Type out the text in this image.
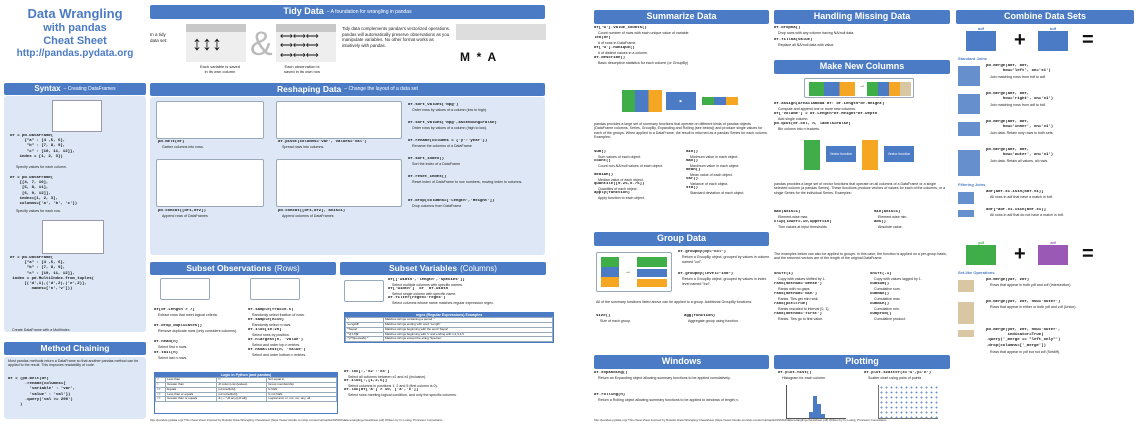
Data Wrangling
with pandas
Cheat Sheet
http://pandas.pydata.org
Tidy Data – A foundation for wrangling in pandas
In a tidy
data set:	↕↕↕
Each variable is saved
in its own column
& ⟷⟷⟷
⟷⟷⟷
⟷⟷⟷
Each observation is
saved in its own row
Tidy data complements pandas's vectorized operations. pandas will automatically preserve observations as you manipulate variables. No other format works as intuitively with pandas.
M  *  A
Syntax – Creating DataFrames
df = pd.DataFrame(
{"a" : [4 ,5, 6],
"b" : [7, 8, 9],
"c" : [10, 11, 12]},
index = [1, 2, 3])
Specify values for each column.
df = pd.DataFrame(
[[4, 7, 10],
[5, 8, 11],
[6, 9, 12]],
index=[1, 2, 3],
columns=['a', 'b', 'c'])
Specify values for each row.
df = pd.DataFrame(
{"a" : [4 ,5, 6],
"b" : [7, 8, 9],
"c" : [10, 11, 12]},
index = pd.MultiIndex.from_tuples(
[('d',1),('d',2),('e',2)],
names=['n','v']))
Create DataFrame with a MultiIndex
Method Chaining
Most pandas methods return a DataFrame so that another pandas method can be applied to the result. This improves readability of code.
df = (pd.melt(df)
.rename(columns={
'variable' : 'var',
'value' : 'val'})
.query('val >= 200')
)
Reshaping Data – Change the layout of a data set
pd.melt(df)
Gather columns into rows.
df.pivot(columns='var', values='val')
Spread rows into columns.
pd.concat([df1,df2])
Append rows of DataFrames
pd.concat([df1,df2], axis=1)
Append columns of DataFrames
df.sort_values('mpg')
Order rows by values of a column (low to high).
df.sort_values('mpg',ascending=False)
Order rows by values of a column (high to low).
df.rename(columns = {'y':'year'})
Rename the columns of a DataFrame
df.sort_index()
Sort the index of a DataFrame
df.reset_index()
Reset index of DataFrame to row numbers, moving index to columns.
df.drop(columns=['Length','Height'])
Drop columns from DataFrame
Subset Observations (Rows)
df[df.Length > 7]
Extract rows that meet logical criteria.
df.drop_duplicates()
Remove duplicate rows (only considers columns).
df.head(n)
Select first n rows.
df.tail(n)
Select last n rows.
df.sample(frac=0.5)
Randomly select fraction of rows.
df.sample(n=10)
Randomly select n rows.
df.iloc[10:20]
Select rows by position.
df.nlargest(n, 'value')
Select and order top n entries.
df.nsmallest(n, 'value')
Select and order bottom n entries.
Logic in Python (and pandas)
<	Less than	!=	Not equal to
>	Greater than	df.column.isin(values)	Group membership
==	Equals	pd.isnull(obj)	Is NaN
<=	Less than or equals	pd.notnull(obj)	Is not NaN
>=	Greater than or equals	&,|,~,^,df.any(),df.all()	Logical and, or, not, xor, any, all
Subset Variables (Columns)
df[['width','length','species']]
Select multiple columns with specific names.
df['width']  or  df.width
Select single column with specific name.
df.filter(regex='regex')
Select columns whose name matches regular expression regex.
regex (Regular Expressions) Examples
'\.'	Matches strings containing a period '.'
'Length$'	Matches strings ending with word 'Length'
'^Sepal'	Matches strings beginning with the word 'Sepal'
'^x[1-5]$'	Matches strings beginning with 'x' and ending with 1,2,3,4,5
'^(?!Species$).*'	Matches strings except the string 'Species'
df.loc[:,'x2':'x4']
Select all columns between x2 and x4 (inclusive).
df.iloc[:,[1,2,5]]
Select columns in positions 1, 2 and 5 (first column is 0).
df.loc[df['a'] > 10, ['a','c']]
Select rows meeting logical condition, and only the specific columns.
http://pandas.pydata.org/ This cheat sheet inspired by Rstudio Data Wrangling Cheatsheet (https://www.rstudio.com/wp-content/uploads/2015/02/data-wrangling-cheatsheet.pdf) Written by Irv Lustig, Princeton Consultants
Summarize Data
df['w'].value_counts()
Count number of rows with each unique value of variable
len(df)
# of rows in DataFrame.
df['w'].nunique()
# of distinct values in a column.
df.describe()
Basic descriptive statistics for each column (or GroupBy)
▶
pandas provides a large set of summary functions that operate on different kinds of pandas objects (DataFrame columns, Series, GroupBy, Expanding and Rolling (see below)) and produce single values for each of the groups. When applied to a DataFrame, the result is returned as a pandas Series for each column. Examples:
sum()
Sum values of each object.
count()
Count non-NA/null values of each object.
median()
Median value of each object.
quantile([0.25,0.75])
Quantiles of each object.
apply(function)
Apply function to each object.
min()
Minimum value in each object.
max()
Maximum value in each object.
mean()
Mean value of each object.
var()
Variance of each object.
std()
Standard deviation of each object.
Group Data
→
df.groupby(by="col")
Return a GroupBy object, grouped by values in column named "col".
df.groupby(level="ind")
Return a GroupBy object, grouped by values in index level named "ind".
All of the summary functions listed above can be applied to a group. Additional GroupBy functions:
size()
Size of each group.
agg(function)
Aggregate group using function.
Windows
df.expanding()
Return an Expanding object allowing summary functions to be applied cumulatively.
df.rolling(n)
Return a Rolling object allowing summary functions to be applied to windows of length n.
Handling Missing Data
df.dropna()
Drop rows with any column having NA/null data.
df.fillna(value)
Replace all NA/null data with value.
Make New Columns
→
df.assign(Area=lambda df: df.Length*df.Height)
Compute and append one or more new columns.
df['Volume'] = df.Length*df.Height*df.Depth
Add single column.
pd.qcut(df.col, n, labels=False)
Bin column into n buckets.
Vector function	Vector function
pandas provides a large set of vector functions that operate on all columns of a DataFrame or a single selected column (a pandas Series). These functions produce vectors of values for each of the columns, or a single Series for the individual Series. Examples:
max(axis=1)
Element-wise max.
clip(lower=-10,upper=10)
Trim values at input thresholds
min(axis=1)
Element-wise min.
abs()
Absolute value.
The examples below can also be applied to groups. In this case, the function is applied on a per-group basis, and the returned vectors are of the length of the original DataFrame.
shift(1)
Copy with values shifted by 1.
rank(method='dense')
Ranks with no gaps.
rank(method='min')
Ranks. Ties get min rank.
rank(pct=True)
Ranks rescaled to interval [0, 1].
rank(method='first')
Ranks. Ties go to first value.
shift(-1)
Copy with values lagged by 1.
cumsum()
Cumulative sum.
cummax()
Cumulative max.
cummin()
Cumulative min.
cumprod()
Cumulative product.
Plotting
df.plot.hist()
Histogram for each column
df.plot.scatter(x='w',y='h')
Scatter chart using pairs of points
Combine Data Sets
adf
+
bdf
=
Standard Joins
pd.merge(adf, bdf,
how='left', on='x1')
Join matching rows from bdf to adf.
pd.merge(adf, bdf,
how='right', on='x1')
Join matching rows from adf to bdf.
pd.merge(adf, bdf,
how='inner', on='x1')
Join data. Retain only rows in both sets.
pd.merge(adf, bdf,
how='outer', on='x1')
Join data. Retain all values, all rows.
Filtering Joins
adf[adf.x1.isin(bdf.x1)]
All rows in adf that have a match in bdf.
adf[~adf.x1.isin(bdf.x1)]
All rows in adf that do not have a match in bdf.
ydf
+
zdf
=
Set-like Operations
pd.merge(ydf, zdf)
Rows that appear in both ydf and zdf (Intersection).
pd.merge(ydf, zdf, how='outer')
Rows that appear in either or both ydf and zdf (Union).
pd.merge(ydf, zdf, how='outer',
indicator=True)
.query('_merge == "left_only"')
.drop(columns=['_merge'])
Rows that appear in ydf but not zdf (Setdiff).
http://pandas.pydata.org/ This cheat sheet inspired by Rstudio Data Wrangling Cheatsheet (https://www.rstudio.com/wp-content/uploads/2015/02/data-wrangling-cheatsheet.pdf) Written by Irv Lustig, Princeton Consultants
